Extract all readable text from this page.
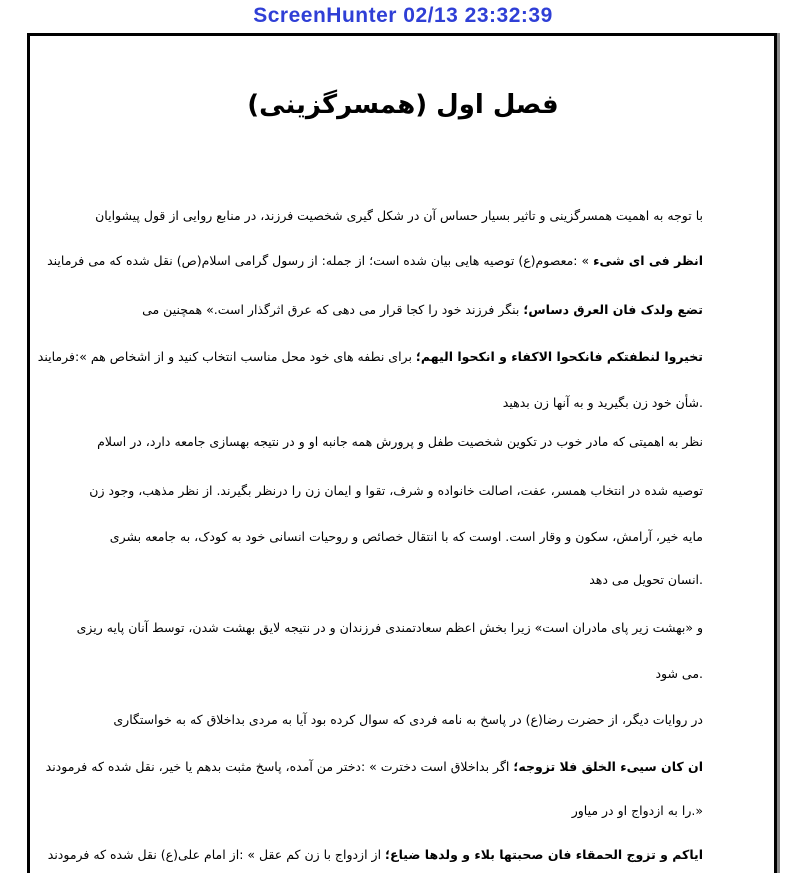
ScreenHunter 02/13 23:32:39
فصل اول (همسرگزینی)
با توجه به اهمیت همسرگزینی و تاثیر بسیار حساس آن در شکل گیری شخصیت فرزند، در منابع روایی از قول پیشوایان
انظر فی ای شیء » :معصوم(ع) توصیه هایی بیان شده است؛ از جمله: از رسول گرامی اسلام(ص) نقل شده که می فرمایند
تضع ولدک فان العرق دساس؛ بنگر فرزند خود را کجا قرار می دهی که عرق اثرگذار است.» همچنین می
تخیروا لنطفتکم فانکحوا الاکفاء و انکحوا الیهم؛ برای نطفه های خود محل مناسب انتخاب کنید و از اشخاص هم »:فرمایند
.شأن خود زن بگیرید و به آنها زن بدهید
نظر به اهمیتی که مادر خوب در تکوین شخصیت طفل و پرورش همه جانبه او و در نتیجه بهسازی جامعه دارد، در اسلام
توصیه شده در انتخاب همسر، عفت، اصالت خانواده و شرف، تقوا و ایمان زن را درنظر بگیرند. از نظر مذهب، وجود زن
مایه خیر، آرامش، سکون و وقار است. اوست که با انتقال خصائص و روحیات انسانی خود به کودک، به جامعه بشری
.انسان تحویل می دهد
و «بهشت زیر پای مادران است» زیرا بخش اعظم سعادتمندی فرزندان و در نتیجه لایق بهشت شدن، توسط آنان پایه ریزی
.می شود
در روایات دیگر، از حضرت رضا(ع) در پاسخ به نامه فردی که سوال کرده بود آیا به مردی بداخلاق که به خواستگاری
ان کان سییء الخلق فلا تزوجه؛ اگر بداخلاق است دخترت » :دختر من آمده، پاسخ مثبت بدهم یا خیر، نقل شده که فرمودند
«.را به ازدواج او در میاور
ایاکم و تزوج الحمقاء فان صحبتها بلاء و ولدها ضیاع؛ از ازدواج با زن کم عقل » :از امام علی(ع) نقل شده که فرمودند
